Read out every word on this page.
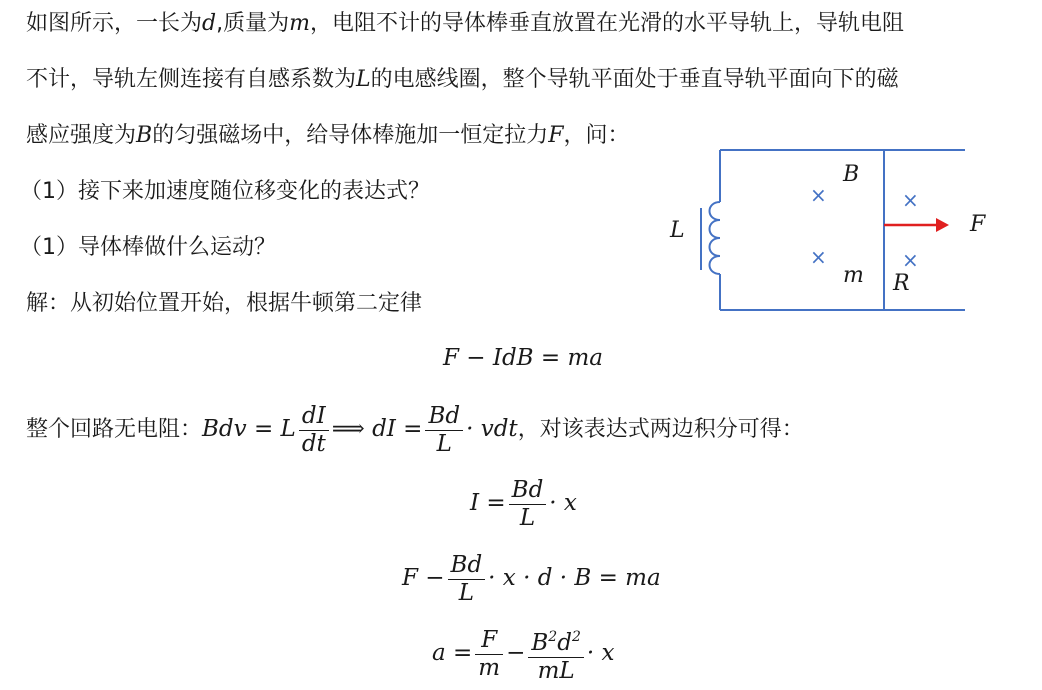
如图所示，一长为d,质量为m，电阻不计的导体棒垂直放置在光滑的水平导轨上，导轨电阻
不计，导轨左侧连接有自感系数为L的电感线圈，整个导轨平面处于垂直导轨平面向下的磁
感应强度为B的匀强磁场中，给导体棒施加一恒定拉力F，问：
（1）接下来加速度随位移变化的表达式？
（1）导体棒做什么运动？
解：从初始位置开始，根据牛顿第二定律
L
B
m R
F
×
×
×
×
F − IdB = ma
整个回路无电阻：Bdv = L $\frac{dI}{dt}$ ⟹ dI = $\frac{Bd}{L}$ · vdt，对该表达式两边积分可得：
$I = \frac{Bd}{L} \cdot x$
$F - \frac{Bd}{L} \cdot x \cdot d \cdot B$ = ma
$a = \frac{F}{m} - \frac{B^2d^2}{mL} \cdot x$
